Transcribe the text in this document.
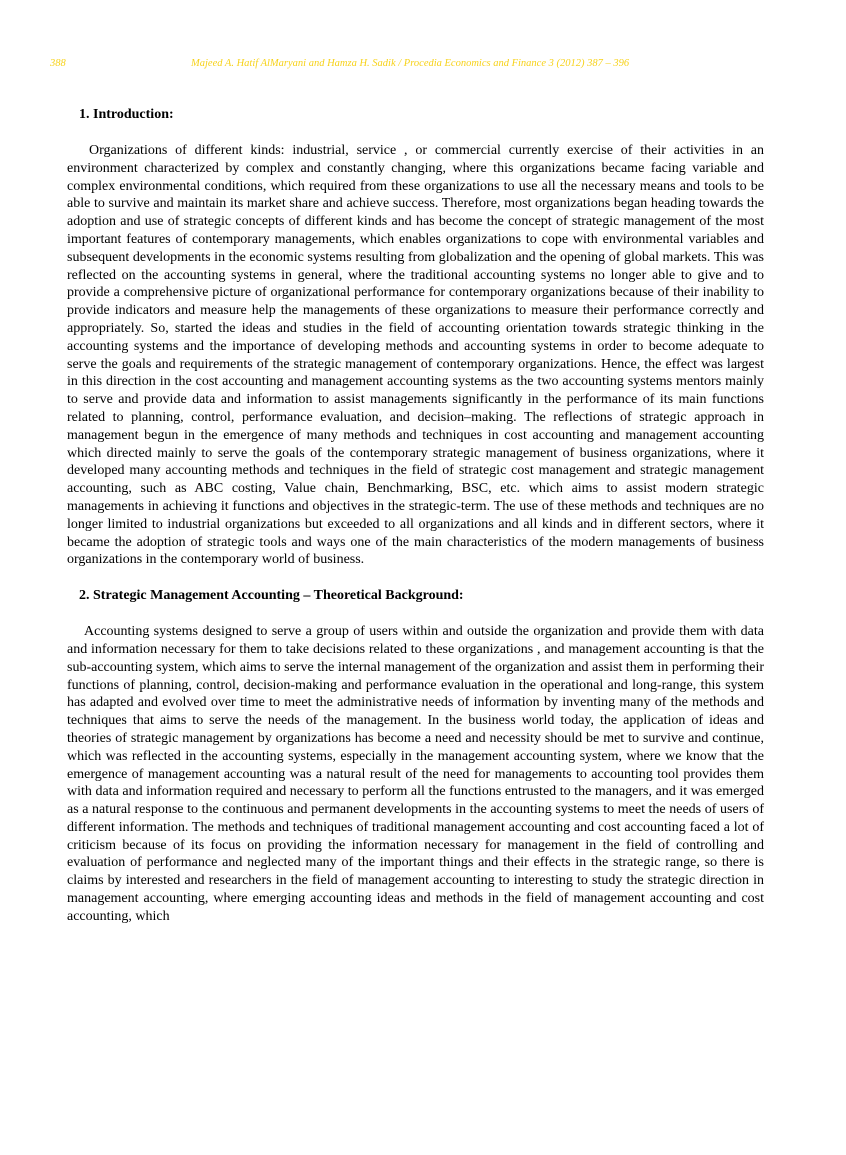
388	Majeed A. Hatif AlMaryani and Hamza H. Sadik / Procedia Economics and Finance 3 (2012) 387 – 396
1. Introduction:

Organizations of different kinds: industrial, service , or commercial currently exercise of their activities in an environment characterized by complex and constantly changing, where this organizations became facing variable and complex environmental conditions, which required from these organizations to use all the necessary means and tools to be able to survive and maintain its market share and achieve success. Therefore, most organizations began heading towards the adoption and use of strategic concepts of different kinds and has become the concept of strategic management of the most important features of contemporary managements, which enables organizations to cope with environmental variables and subsequent developments in the economic systems resulting from globalization and the opening of global markets. This was reflected on the accounting systems in general, where the traditional accounting systems no longer able to give and to provide a comprehensive picture of organizational performance for contemporary organizations because of their inability to provide indicators and measure help the managements of these organizations to measure their performance correctly and appropriately. So, started the ideas and studies in the field of accounting orientation towards strategic thinking in the accounting systems and the importance of developing methods and accounting systems in order to become adequate to serve the goals and requirements of the strategic management of contemporary organizations. Hence, the effect was largest in this direction in the cost accounting and management accounting systems as the two accounting systems mentors mainly to serve and provide data and information to assist managements significantly in the performance of its main functions related to planning, control, performance evaluation, and decision–making. The reflections of strategic approach in management begun in the emergence of many methods and techniques in cost accounting and management accounting which directed mainly to serve the goals of the contemporary strategic management of business organizations, where it developed many accounting methods and techniques in the field of strategic cost management and strategic management accounting, such as ABC costing, Value chain, Benchmarking, BSC, etc. which aims to assist modern strategic managements in achieving it functions and objectives in the strategic-term. The use of these methods and techniques are no longer limited to industrial organizations but exceeded to all organizations and all kinds and in different sectors, where it became the adoption of strategic tools and ways one of the main characteristics of the modern managements of business organizations in the contemporary world of business.

2. Strategic Management Accounting – Theoretical Background:

Accounting systems designed to serve a group of users within and outside the organization and provide them with data and information necessary for them to take decisions related to these organizations , and management accounting is that the sub-accounting system, which aims to serve the internal management of the organization and assist them in performing their functions of planning, control, decision-making and performance evaluation in the operational and long-range, this system has adapted and evolved over time to meet the administrative needs of information by inventing many of the methods and techniques that aims to serve the needs of the management. In the business world today, the application of ideas and theories of strategic management by organizations has become a need and necessity should be met to survive and continue, which was reflected in the accounting systems, especially in the management accounting system, where we know that the emergence of management accounting was a natural result of the need for managements to accounting tool provides them with data and information required and necessary to perform all the functions entrusted to the managers, and it was emerged as a natural response to the continuous and permanent developments in the accounting systems to meet the needs of users of different information. The methods and techniques of traditional management accounting and cost accounting faced a lot of criticism because of its focus on providing the information necessary for management in the field of controlling and evaluation of performance and neglected many of the important things and their effects in the strategic range, so there is claims by interested and researchers in the field of management accounting to interesting to study the strategic direction in management accounting, where emerging accounting ideas and methods in the field of management accounting and cost accounting, which
